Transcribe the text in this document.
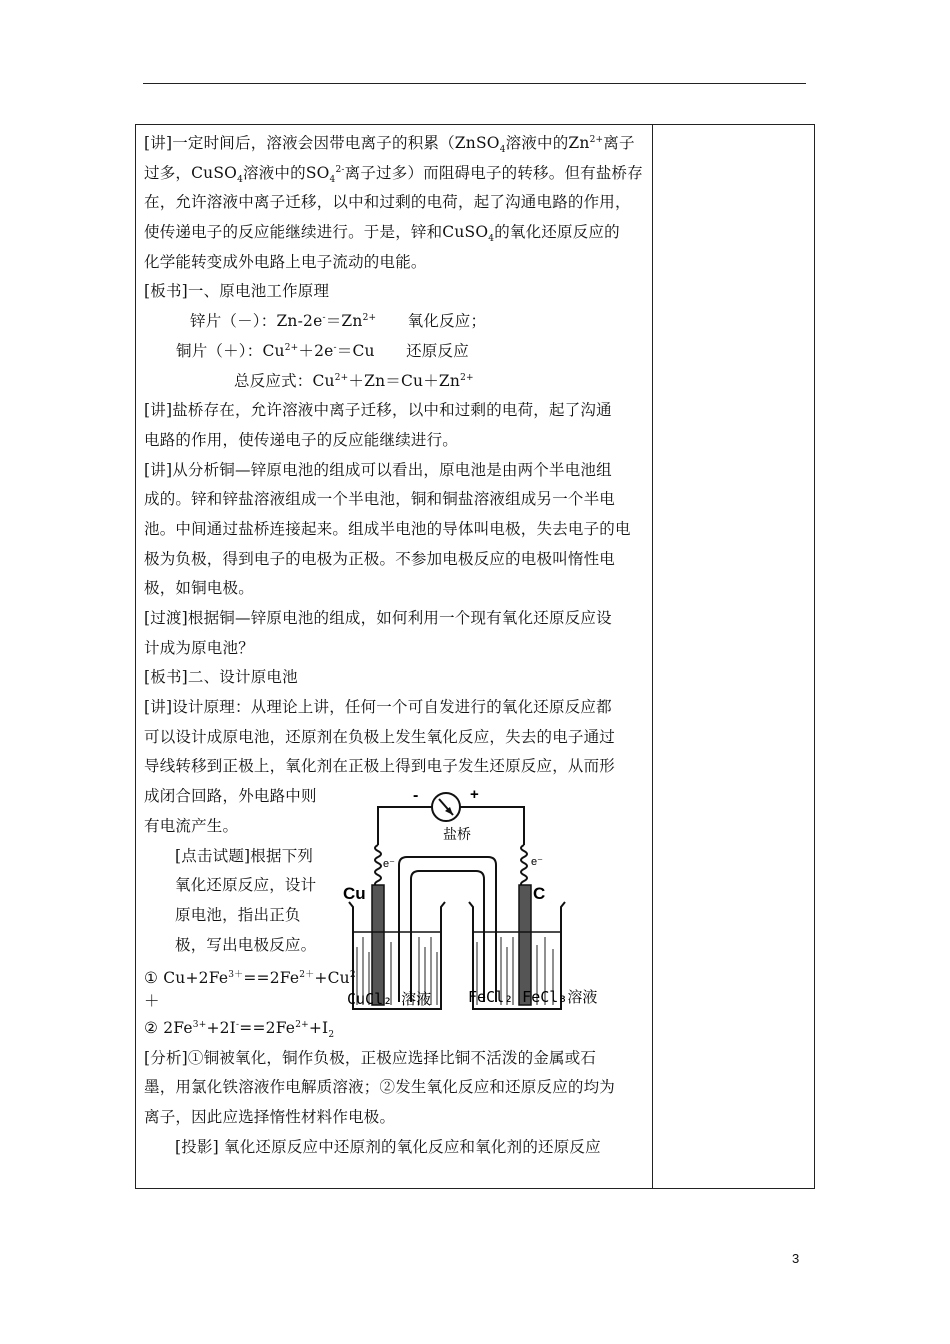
[讲]一定时间后，溶液会因带电离子的积累（ZnSO$_4$溶液中的$Zn^{2+}$离子
过多，CuSO$_4$溶液中的$SO_4^{2-}$离子过多）而阻碍电子的转移。但有盐桥存
在，允许溶液中离子迁移，以中和过剩的电荷，起了沟通电路的作用，
使传递电子的反应能继续进行。于是，锌和CuSO$_4$的氧化还原反应的
化学能转变成外电路上电子流动的电能。
[板书]一、原电池工作原理
锌片（－）：$Zn-2e^-=Zn^{2+}$　　氧化反应；
铜片（＋）：$Cu^{2+}+2e^-=Cu$　　还原反应
总反应式：$Cu^{2+}+Zn=Cu+Zn^{2+}$
[讲]盐桥存在，允许溶液中离子迁移，以中和过剩的电荷，起了沟通
电路的作用，使传递电子的反应能继续进行。
[讲]从分析铜—锌原电池的组成可以看出，原电池是由两个半电池组
成的。锌和锌盐溶液组成一个半电池，铜和铜盐溶液组成另一个半电
池。中间通过盐桥连接起来。组成半电池的导体叫电极，失去电子的电
极为负极，得到电子的电极为正极。不参加电极反应的电极叫惰性电
极，如铜电极。
[过渡]根据铜—锌原电池的组成，如何利用一个现有氧化还原反应设
计成为原电池？
[板书]二、设计原电池
[讲]设计原理：从理论上讲，任何一个可自发进行的氧化还原反应都
可以设计成原电池，还原剂在负极上发生氧化反应，失去的电子通过
导线转移到正极上，氧化剂在正极上得到电子发生还原反应，从而形
成闭合回路，外电路中则
有电流产生。
[点击试题]根据下列
氧化还原反应，设计
原电池，指出正负
极，写出电极反应。
① $Cu+2Fe^{3+}==2Fe^{2+}+Cu^2$
＋
② $2Fe^{3+}+2I^-==2Fe^{2+}+I_2$
[分析]①铜被氧化，铜作负极，正极应选择比铜不活泼的金属或石
墨，用氯化铁溶液作电解质溶液；②发生氧化反应和还原反应的均为
离子，因此应选择惰性材料作电极。
[投影] 氧化还原反应中还原剂的氧化反应和氧化剂的还原反应
-	+
e⁻	e⁻
盐桥
Cu	C
CuCl₂ 溶液 FeCl₂ FeCl₃溶液
3
